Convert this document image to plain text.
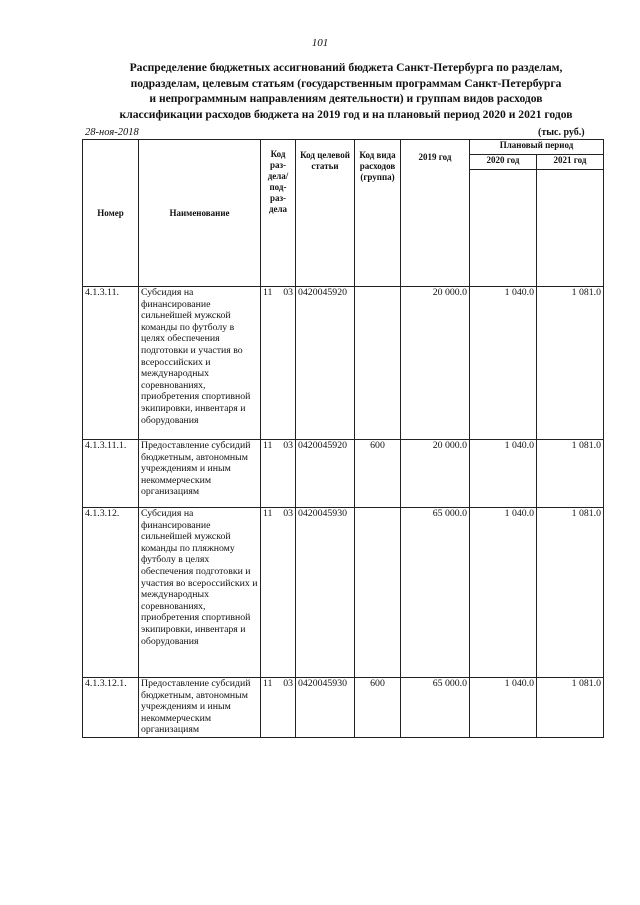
101
Распределение бюджетных ассигнований бюджета Санкт-Петербурга по разделам,
подразделам, целевым статьям (государственным программам Санкт-Петербурга
и непрограммным направлениям деятельности) и группам видов расходов
классификации расходов бюджета на 2019 год и на плановый период 2020 и 2021 годов
28-ноя-2018	(тыс. руб.)
Номер	Наименование	Код раз- дела/ под- раз- дела	Код целевой статьи	Код вида расходов (группа)	2019 год	Плановый период	
						2020 год	2021 год

4.1.3.11.	Субсидия на финансирование сильнейшей мужской команды по футболу в целях обеспечения подготовки и участия во всероссийских и международных соревнованиях, приобретения спортивной экипировки, инвентаря и оборудования	11 03	0420045920		20 000.0	1 040.0	1 081.0
4.1.3.11.1.	Предоставление субсидий бюджетным, автономным учреждениям и иным некоммерческим организациям	11 03	0420045920	600	20 000.0	1 040.0	1 081.0
4.1.3.12.	Субсидия на финансирование сильнейшей мужской команды по пляжному футболу в целях обеспечения подготовки и участия во всероссийских и международных соревнованиях, приобретения спортивной экипировки, инвентаря и оборудования	11 03	0420045930		65 000.0	1 040.0	1 081.0
4.1.3.12.1.	Предоставление субсидий бюджетным, автономным учреждениям и иным некоммерческим организациям	11 03	0420045930	600	65 000.0	1 040.0	1 081.0
